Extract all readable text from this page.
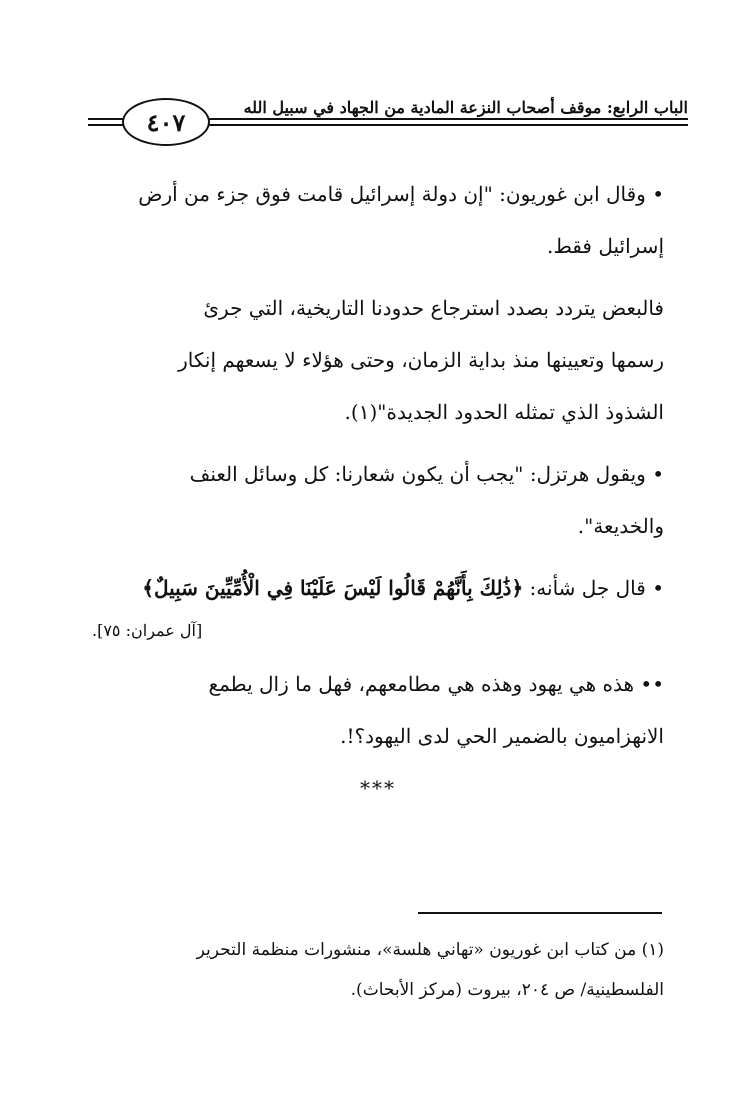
الباب الرابع: موقف أصحاب النزعة المادية من الجهاد في سبيل الله
٤٠٧

• وقال ابن غوريون: "إن دولة إسرائيل قامت فوق جزء من أرض

إسرائيل فقط.

فالبعض يتردد بصدد استرجاع حدودنا التاريخية، التي جرئ

رسمها وتعيينها منذ بداية الزمان، وحتى هؤلاء لا يسعهم إنكار

الشذوذ الذي تمثله الحدود الجديدة"(١).

• ويقول هرتزل: "يجب أن يكون شعارنا: كل وسائل العنف

والخديعة".

• قال جل شأنه: ﴿ذَٰلِكَ بِأَنَّهُمْ قَالُوا لَيْسَ عَلَيْنَا فِي الْأُمِّيِّينَ سَبِيلٌ﴾

[آل عمران: ٧٥].

•• هذه هي يهود وهذه هي مطامعهم، فهل ما زال يطمع

الانهزاميون بالضمير الحي لدى اليهود؟!.

***

(١) من كتاب ابن غوريون «تهاني هلسة»، منشورات منظمة التحرير

الفلسطينية/ ص ٢٠٤، بيروت (مركز الأبحاث).
